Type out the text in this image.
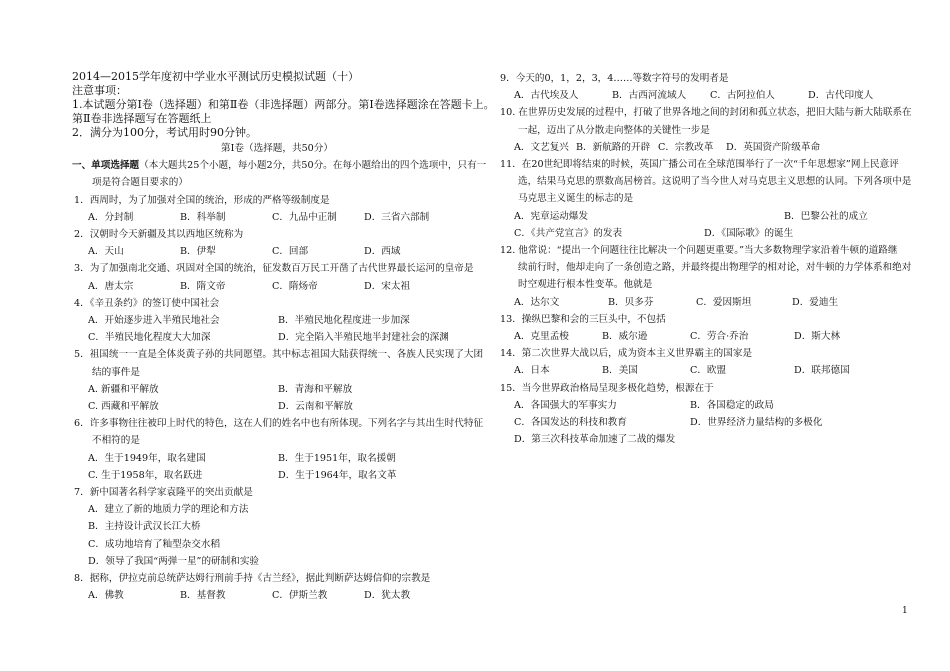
2014—2015学年度初中学业水平测试历史模拟试题（十）
注意事项：
1.本试题分第Ⅰ卷（选择题）和第Ⅱ卷（非选择题）两部分。第Ⅰ卷选择题涂在答题卡上。
第Ⅱ卷非选择题写在答题纸上
2．满分为100分，考试用时90分钟。
第Ⅰ卷（选择题，共50分）
一、单项选择题（本大题共25个小题，每小题2分，共50分。在每小题给出的四个选项中，只有一
项是符合题目要求的）
1．西周时，为了加强对全国的统治，形成的严格等级制度是
A．分封制	B．科举制	C．九品中正制	D．三省六部制
2．汉朝时今天新疆及其以西地区统称为
A．天山	B．伊犁	C．回部	D．西域
3．为了加强南北交通、巩固对全国的统治，征发数百万民工开凿了古代世界最长运河的皇帝是
A．唐太宗	B．隋文帝	C．隋炀帝	D．宋太祖
4．《辛丑条约》的签订使中国社会
A．开始逐步进入半殖民地社会	B．半殖民地化程度进一步加深
C．半殖民地化程度大大加深	D．完全陷入半殖民地半封建社会的深渊
5．祖国统一一直是全体炎黄子孙的共同愿望。其中标志祖国大陆获得统一、各族人民实现了大团
结的事件是
A. 新疆和平解放	B．青海和平解放
C. 西藏和平解放	D．云南和平解放
6．许多事物往往被印上时代的特色，这在人们的姓名中也有所体现。下列名字与其出生时代特征
不相符的是
A．生于1949年，取名建国	B．生于1951年，取名援朝
C. 生于1958年，取名跃进	D．生于1964年，取名文革
7．新中国著名科学家袁隆平的突出贡献是
A．建立了新的地质力学的理论和方法
B．主持设计武汉长江大桥
C．成功地培育了籼型杂交水稻
D．领导了我国“两弹一星”的研制和实验
8．据称，伊拉克前总统萨达姆行刑前手持《古兰经》，据此判断萨达姆信仰的宗教是
A．佛教	B．基督教	C．伊斯兰教	D．犹太教
9．今天的0，1，2，3，4……等数字符号的发明者是
A．古代埃及人	B．古西河流域人	C．古阿拉伯人	D．古代印度人
10. 在世界历史发展的过程中，打破了世界各地之间的封闭和孤立状态，把旧大陆与新大陆联系在
一起，迈出了从分散走向整体的关键性一步是
A．文艺复兴 B．新航路的开辟 C．宗教改革	D．英国资产阶级革命
11．在20世纪即将结束的时候，英国广播公司在全球范围举行了一次“千年思想家”网上民意评
选，结果马克思的票数高居榜首。这说明了当今世人对马克思主义思想的认同。下列各项中是
马克思主义诞生的标志的是
A．宪章运动爆发	B．巴黎公社的成立
C．《共产党宣言》的发表	D．《国际歌》的诞生
12. 他常说：“提出一个问题往往比解决一个问题更重要。”当大多数物理学家沿着牛顿的道路继
续前行时，他却走向了一条创造之路，并最终提出物理学的相对论，对牛顿的力学体系和绝对
时空观进行根本性变革。他就是
A．达尔文	B．贝多芬	C．爱因斯坦	D．爱迪生
13．操纵巴黎和会的三巨头中，不包括
A．克里孟梭	B．威尔逊	C．劳合·乔治	D．斯大林
14．第二次世界大战以后，成为资本主义世界霸主的国家是
A．日本	B．美国	C．欧盟	D．联邦德国
15．当今世界政治格局呈现多极化趋势，根源在于
A．各国强大的军事实力	B．各国稳定的政局
C．各国发达的科技和教育	D．世界经济力量结构的多极化
D．第三次科技革命加速了二战的爆发
1
